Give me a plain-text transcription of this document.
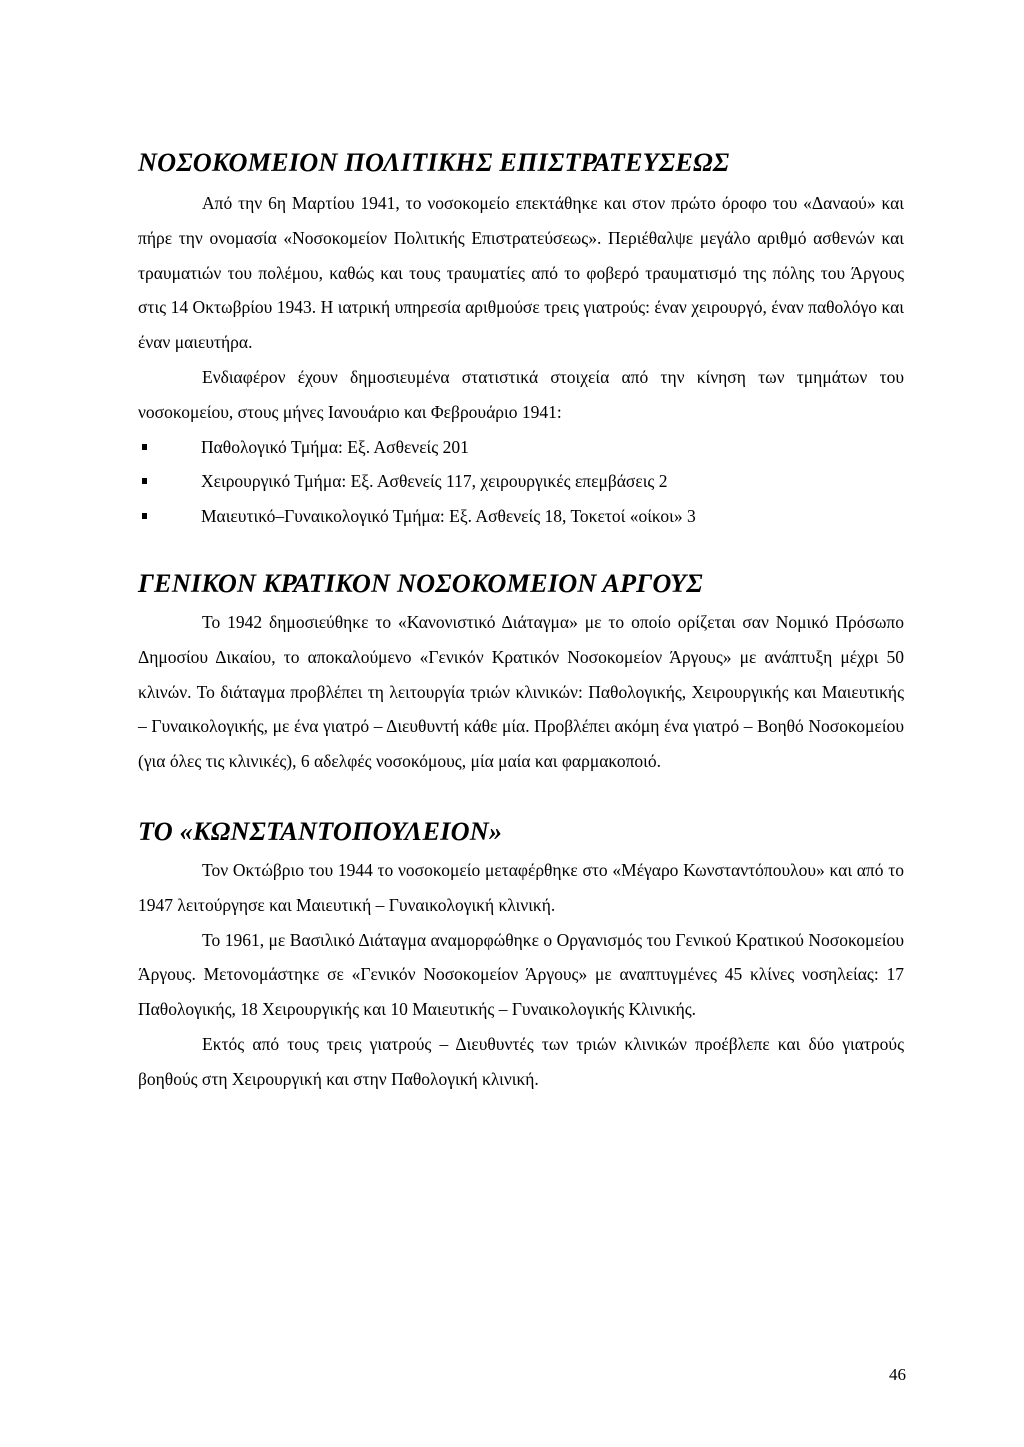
ΝΟΣΟΚΟΜΕΙΟΝ ΠΟΛΙΤΙΚΗΣ ΕΠΙΣΤΡΑΤΕΥΣΕΩΣ

Από την 6η Μαρτίου 1941, το νοσοκομείο επεκτάθηκε και στον πρώτο όροφο του «Δαναού» και πήρε την ονομασία «Νοσοκομείον Πολιτικής Επιστρατεύσεως». Περιέθαλψε μεγάλο αριθμό ασθενών και τραυματιών του πολέμου, καθώς και τους τραυματίες από το φοβερό τραυματισμό της πόλης του Άργους στις 14 Οκτωβρίου 1943. Η ιατρική υπηρεσία αριθμούσε τρεις γιατρούς: έναν χειρουργό, έναν παθολόγο και έναν μαιευτήρα.

Ενδιαφέρον έχουν δημοσιευμένα στατιστικά στοιχεία από την κίνηση των τμημάτων του νοσοκομείου, στους μήνες Ιανουάριο και Φεβρουάριο 1941:

Παθολογικό Τμήμα: Εξ. Ασθενείς 201
Χειρουργικό Τμήμα: Εξ. Ασθενείς 117, χειρουργικές επεμβάσεις 2
Μαιευτικό–Γυναικολογικό Τμήμα: Εξ. Ασθενείς 18, Τοκετοί «οίκοι» 3
ΓΕΝΙΚΟΝ ΚΡΑΤΙΚΟΝ ΝΟΣΟΚΟΜΕΙΟΝ ΑΡΓΟΥΣ

Το 1942 δημοσιεύθηκε το «Κανονιστικό Διάταγμα» με το οποίο ορίζεται σαν Νομικό Πρόσωπο Δημοσίου Δικαίου, το αποκαλούμενο «Γενικόν Κρατικόν Νοσοκομείον Άργους» με ανάπτυξη μέχρι 50 κλινών. Το διάταγμα προβλέπει τη λειτουργία τριών κλινικών: Παθολογικής, Χειρουργικής και Μαιευτικής – Γυναικολογικής, με ένα γιατρό – Διευθυντή κάθε μία. Προβλέπει ακόμη ένα γιατρό – Βοηθό Νοσοκομείου (για όλες τις κλινικές), 6 αδελφές νοσοκόμους, μία μαία και φαρμακοποιό.

ΤΟ «ΚΩΝΣΤΑΝΤΟΠΟΥΛΕΙΟΝ»

Τον Οκτώβριο του 1944 το νοσοκομείο μεταφέρθηκε στο «Μέγαρο Κωνσταντόπουλου» και από το 1947 λειτούργησε και Μαιευτική – Γυναικολογική κλινική.

Το 1961, με Βασιλικό Διάταγμα αναμορφώθηκε ο Οργανισμός του Γενικού Κρατικού Νοσοκομείου Άργους. Μετονομάστηκε σε «Γενικόν Νοσοκομείον Άργους» με αναπτυγμένες 45 κλίνες νοσηλείας: 17 Παθολογικής, 18 Χειρουργικής και 10 Μαιευτικής – Γυναικολογικής Κλινικής.

Εκτός από τους τρεις γιατρούς – Διευθυντές των τριών κλινικών προέβλεπε και δύο γιατρούς βοηθούς στη Χειρουργική και στην Παθολογική κλινική.

46
